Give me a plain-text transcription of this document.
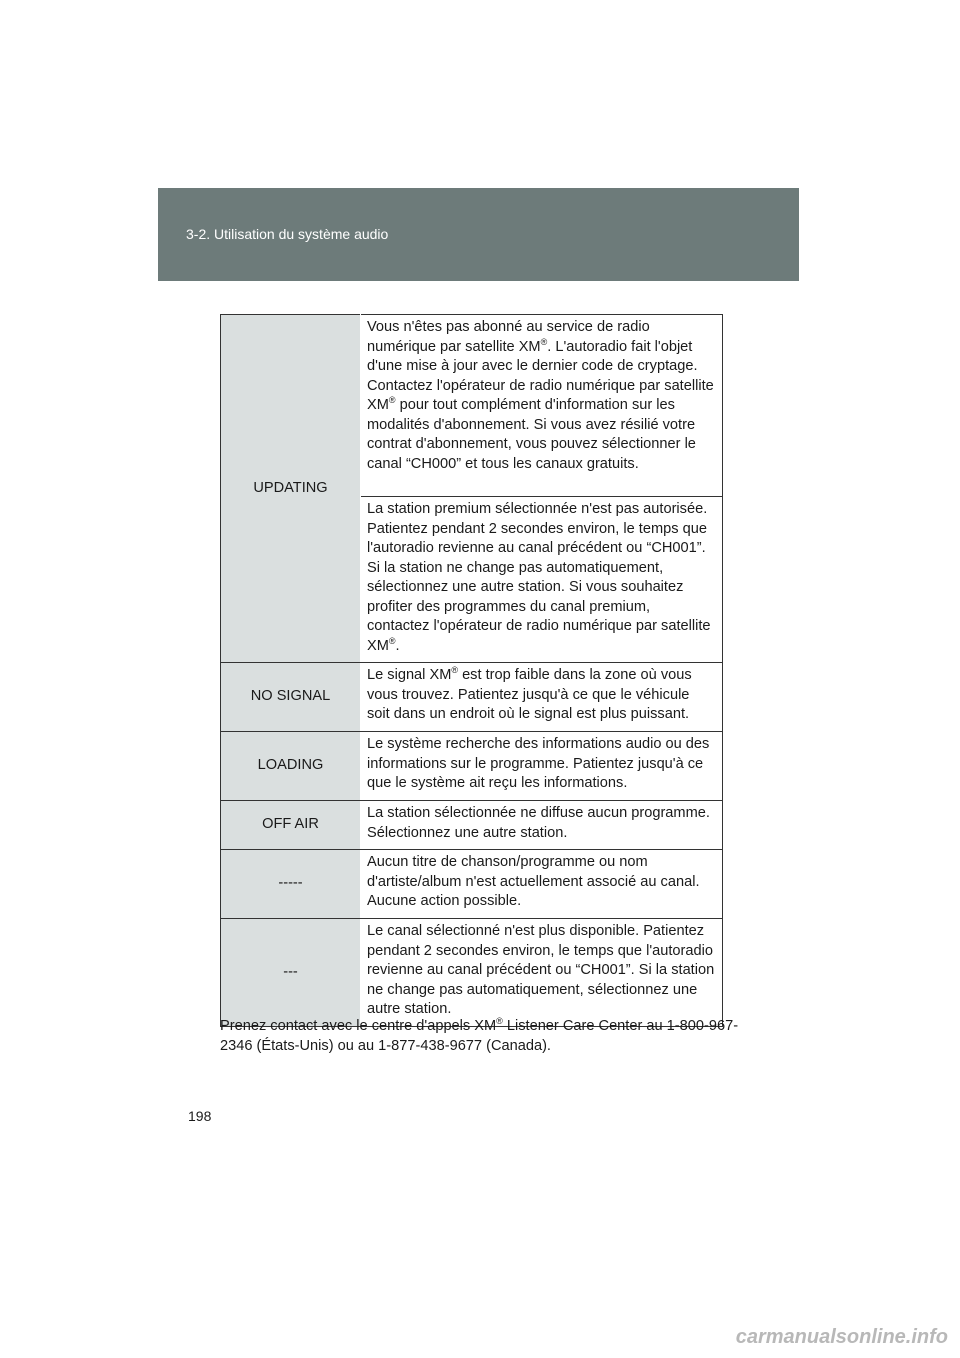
3-2. Utilisation du système audio
UPDATING	Vous n'êtes pas abonné au service de radio numérique par satellite XM®. L'autoradio fait l'objet d'une mise à jour avec le dernier code de cryptage. Contactez l'opérateur de radio numérique par satellite XM® pour tout complément d'information sur les modalités d'abonnement. Si vous avez résilié votre contrat d'abonnement, vous pouvez sélectionner le canal “CH000” et tous les canaux gratuits.
	La station premium sélectionnée n'est pas autorisée. Patientez pendant 2 secondes environ, le temps que l'autoradio revienne au canal précédent ou “CH001”. Si la station ne change pas automatiquement, sélectionnez une autre station. Si vous souhaitez profiter des programmes du canal premium, contactez l'opérateur de radio numérique par satellite XM®.
NO SIGNAL	Le signal XM® est trop faible dans la zone où vous vous trouvez. Patientez jusqu'à ce que le véhicule soit dans un endroit où le signal est plus puissant.
LOADING	Le système recherche des informations audio ou des informations sur le programme. Patientez jusqu'à ce que le système ait reçu les informations.
OFF AIR	La station sélectionnée ne diffuse aucun programme. Sélectionnez une autre station.
-----	Aucun titre de chanson/programme ou nom d'artiste/album n'est actuellement associé au canal. Aucune action possible.
---	Le canal sélectionné n'est plus disponible. Patientez pendant 2 secondes environ, le temps que l'autoradio revienne au canal précédent ou “CH001”. Si la station ne change pas automatiquement, sélectionnez une autre station.
Prenez contact avec le centre d'appels XM® Listener Care Center au 1-800-967-2346 (États-Unis) ou au 1-877-438-9677 (Canada).
198
carmanualsonline.info
